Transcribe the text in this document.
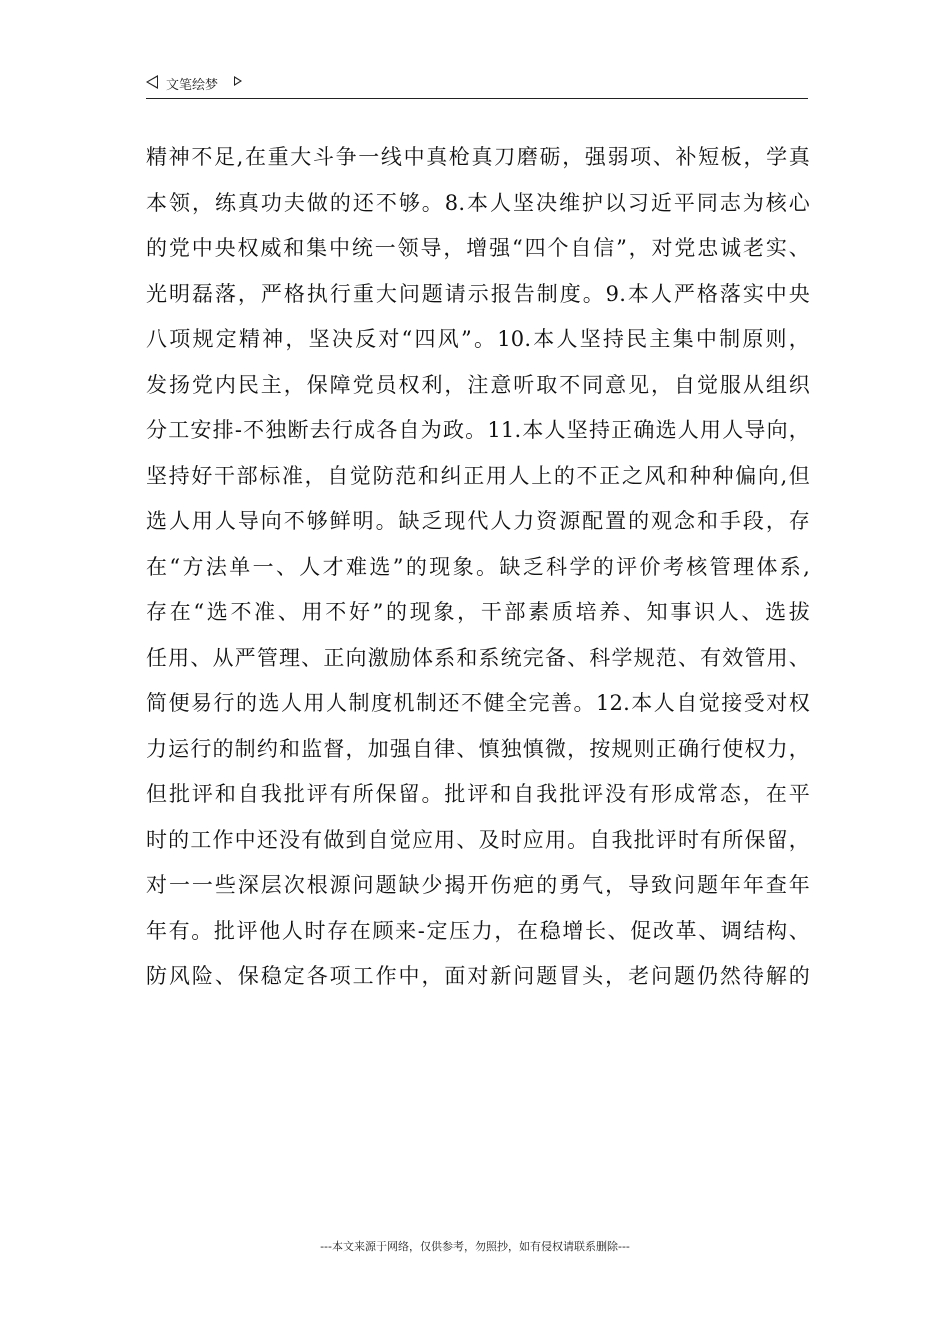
文笔绘梦
精神不足,在重大斗争一线中真枪真刀磨砺，强弱项、补短板，学真
本领，练真功夫做的还不够。8.本人坚决维护以习近平同志为核心
的党中央权威和集中统一领导，增强“四个自信”，对党忠诚老实、
光明磊落，严格执行重大问题请示报告制度。9.本人严格落实中央
八项规定精神，坚决反对“四风”。10.本人坚持民主集中制原则，
发扬党内民主，保障党员权利，注意听取不同意见，自觉服从组织
分工安排-不独断去行成各自为政。11.本人坚持正确选人用人导向，
坚持好干部标准，自觉防范和纠正用人上的不正之风和种种偏向,但
选人用人导向不够鲜明。缺乏现代人力资源配置的观念和手段，存
在“方法单一、人才难选”的现象。缺乏科学的评价考核管理体系,
存在“选不准、用不好”的现象，干部素质培养、知事识人、选拔
任用、从严管理、正向激励体系和系统完备、科学规范、有效管用、
简便易行的选人用人制度机制还不健全完善。12.本人自觉接受对权
力运行的制约和监督，加强自律、慎独慎微，按规则正确行使权力，
但批评和自我批评有所保留。批评和自我批评没有形成常态，在平
时的工作中还没有做到自觉应用、及时应用。自我批评时有所保留，
对一一些深层次根源问题缺少揭开伤疤的勇气，导致问题年年查年
年有。批评他人时存在顾来-定压力，在稳增长、促改革、调结构、
防风险、保稳定各项工作中，面对新问题冒头，老问题仍然待解的
---本文来源于网络，仅供参考，勿照抄，如有侵权请联系删除---
